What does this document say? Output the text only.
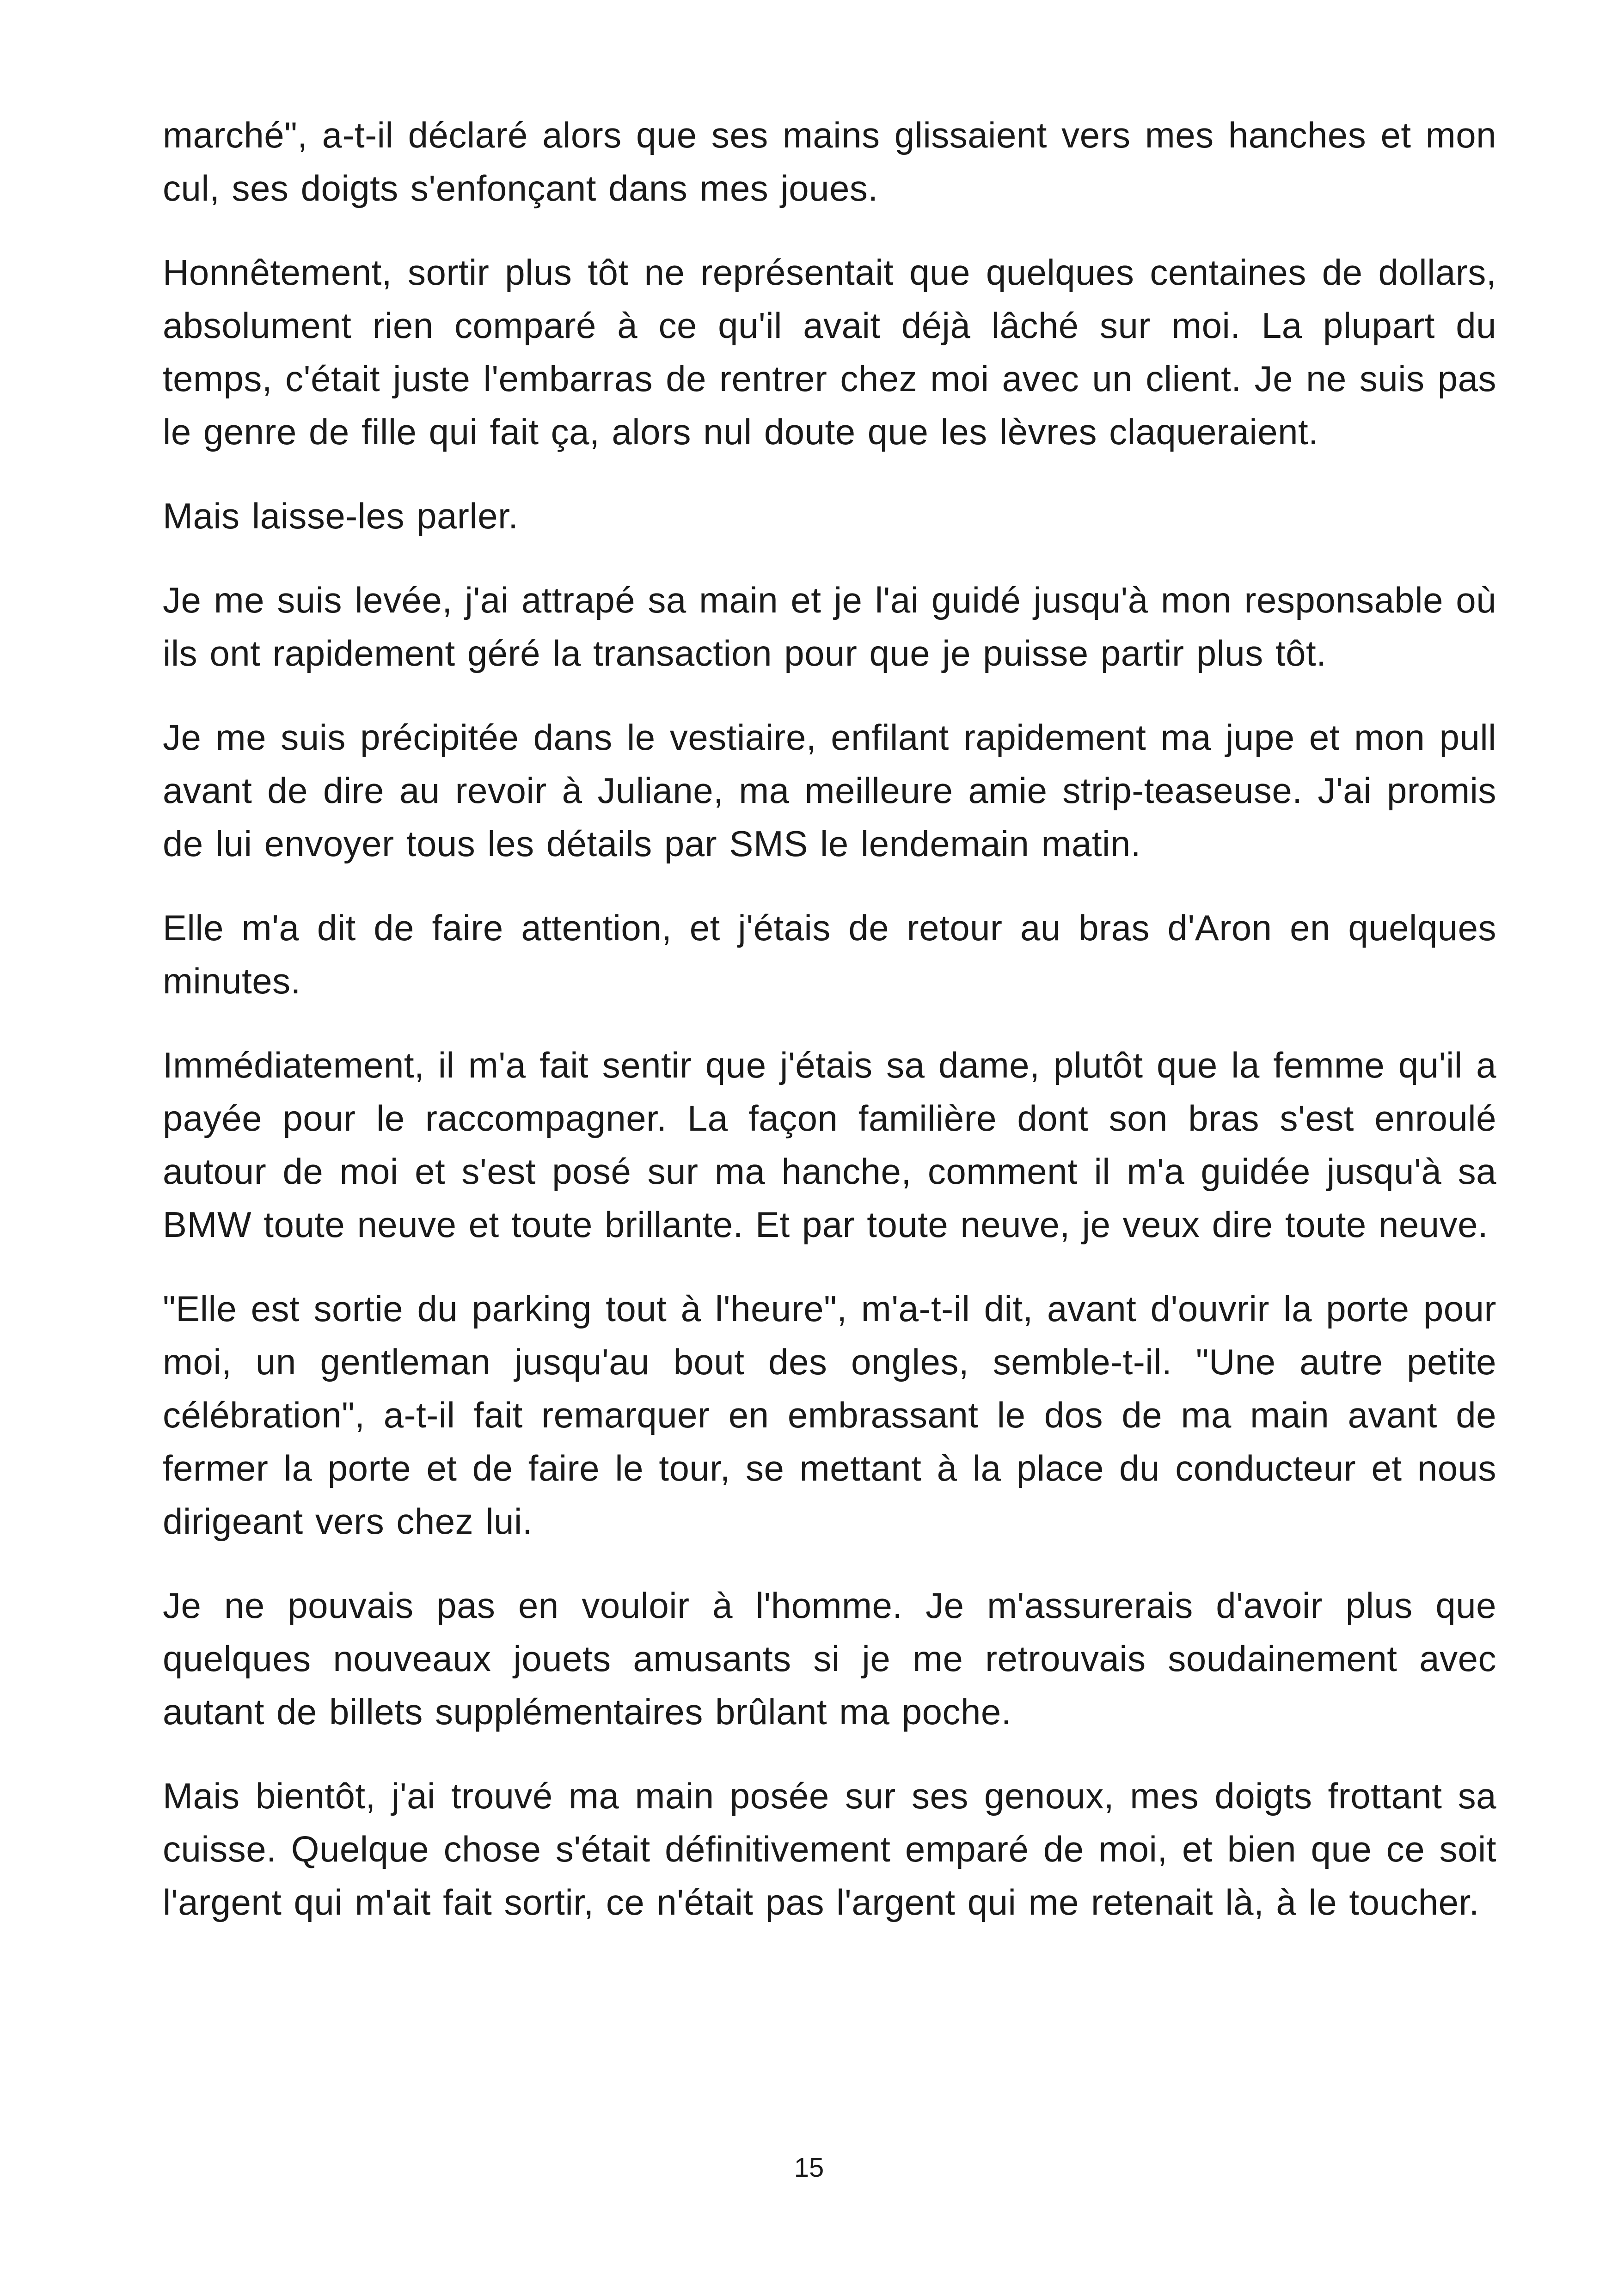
marché", a-t-il déclaré alors que ses mains glissaient vers mes hanches et mon cul, ses doigts s'enfonçant dans mes joues.

Honnêtement, sortir plus tôt ne représentait que quelques centaines de dollars, absolument rien comparé à ce qu'il avait déjà lâché sur moi. La plupart du temps, c'était juste l'embarras de rentrer chez moi avec un client. Je ne suis pas le genre de fille qui fait ça, alors nul doute que les lèvres claqueraient.

Mais laisse-les parler.

Je me suis levée, j'ai attrapé sa main et je l'ai guidé jusqu'à mon responsable où ils ont rapidement géré la transaction pour que je puisse partir plus tôt.

Je me suis précipitée dans le vestiaire, enfilant rapidement ma jupe et mon pull avant de dire au revoir à Juliane, ma meilleure amie strip-teaseuse. J'ai promis de lui envoyer tous les détails par SMS le lendemain matin.

Elle m'a dit de faire attention, et j'étais de retour au bras d'Aron en quelques minutes.

Immédiatement, il m'a fait sentir que j'étais sa dame, plutôt que la femme qu'il a payée pour le raccompagner. La façon familière dont son bras s'est enroulé autour de moi et s'est posé sur ma hanche, comment il m'a guidée jusqu'à sa BMW toute neuve et toute brillante. Et par toute neuve, je veux dire toute neuve.

"Elle est sortie du parking tout à l'heure", m'a-t-il dit, avant d'ouvrir la porte pour moi, un gentleman jusqu'au bout des ongles, semble-t-il. "Une autre petite célébration", a-t-il fait remarquer en embrassant le dos de ma main avant de fermer la porte et de faire le tour, se mettant à la place du conducteur et nous dirigeant vers chez lui.

Je ne pouvais pas en vouloir à l'homme. Je m'assurerais d'avoir plus que quelques nouveaux jouets amusants si je me retrouvais soudainement avec autant de billets supplémentaires brûlant ma poche.

Mais bientôt, j'ai trouvé ma main posée sur ses genoux, mes doigts frottant sa cuisse. Quelque chose s'était définitivement emparé de moi, et bien que ce soit l'argent qui m'ait fait sortir, ce n'était pas l'argent qui me retenait là, à le toucher.

15
